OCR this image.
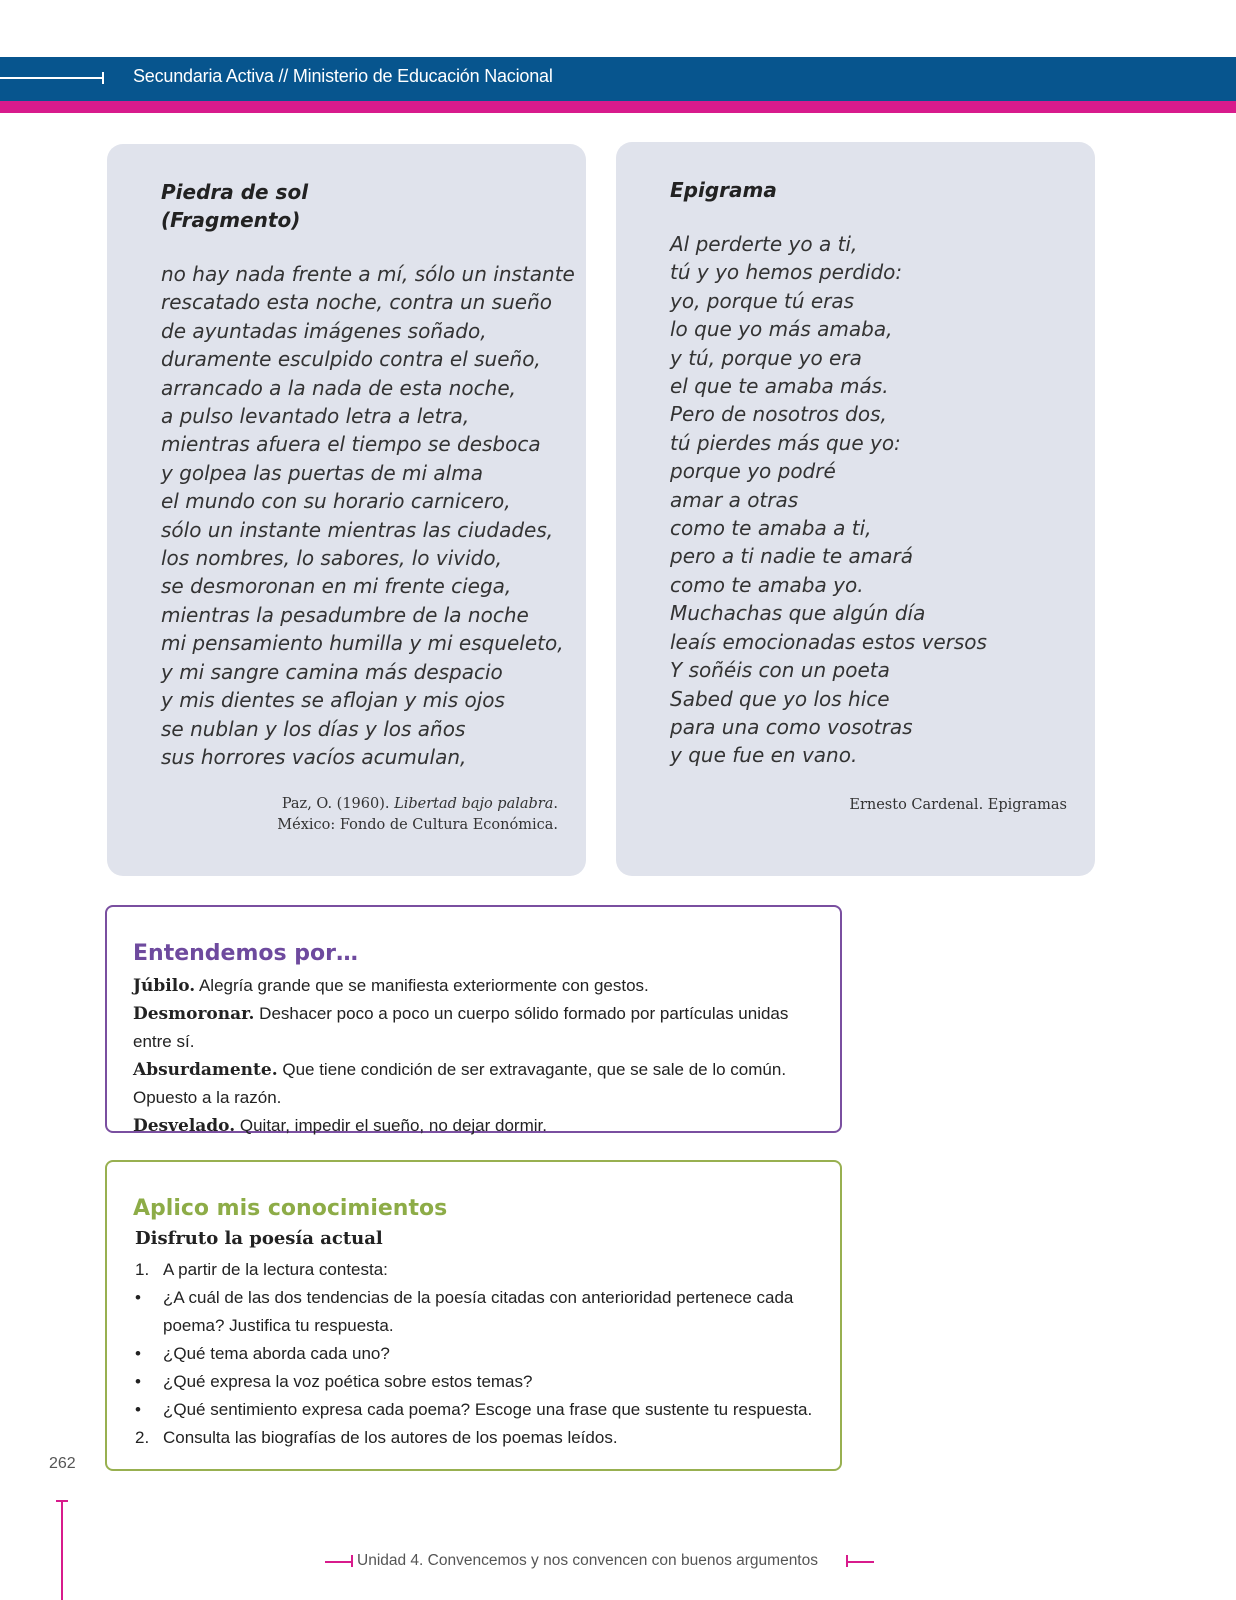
Secundaria Activa // Ministerio de Educación Nacional
Piedra de sol
(Fragmento)
no hay nada frente a mí, sólo un instante
rescatado esta noche, contra un sueño
de ayuntadas imágenes soñado,
duramente esculpido contra el sueño,
arrancado a la nada de esta noche,
a pulso levantado letra a letra,
mientras afuera el tiempo se desboca
y golpea las puertas de mi alma
el mundo con su horario carnicero,
sólo un instante mientras las ciudades,
los nombres, lo sabores, lo vivido,
se desmoronan en mi frente ciega,
mientras la pesadumbre de la noche
mi pensamiento humilla y mi esqueleto,
y mi sangre camina más despacio
y mis dientes se aflojan y mis ojos
se nublan y los días y los años
sus horrores vacíos acumulan,
Paz, O. (1960). Libertad bajo palabra.
México: Fondo de Cultura Económica.
Epigrama
Al perderte yo a ti,
tú y yo hemos perdido:
yo, porque tú eras
lo que yo más amaba,
y tú, porque yo era
el que te amaba más.
Pero de nosotros dos,
tú pierdes más que yo:
porque yo podré
amar a otras
como te amaba a ti,
pero a ti nadie te amará
como te amaba yo.
Muchachas que algún día
leaís emocionadas estos versos
Y soñéis con un poeta
Sabed que yo los hice
para una como vosotras
y que fue en vano.
Ernesto Cardenal. Epigramas
Entendemos por…
Júbilo. Alegría grande que se manifiesta exteriormente con gestos.
Desmoronar. Deshacer poco a poco un cuerpo sólido formado por partículas unidas entre sí.
Absurdamente. Que tiene condición de ser extravagante, que se sale de lo común. Opuesto a la razón.
Desvelado. Quitar, impedir el sueño, no dejar dormir.
Aplico mis conocimientos
Disfruto la poesía actual
1. A partir de la lectura contesta:
•	¿A cuál de las dos tendencias de la poesía citadas con anterioridad pertenece cada poema? Justifica tu respuesta.
•	¿Qué tema aborda cada uno?
•	¿Qué expresa la voz poética sobre estos temas?
•	¿Qué sentimiento expresa cada poema? Escoge una frase que sustente tu respuesta.
2. Consulta las biografías de los autores de los poemas leídos.
262
Unidad 4. Convencemos y nos convencen con buenos argumentos
